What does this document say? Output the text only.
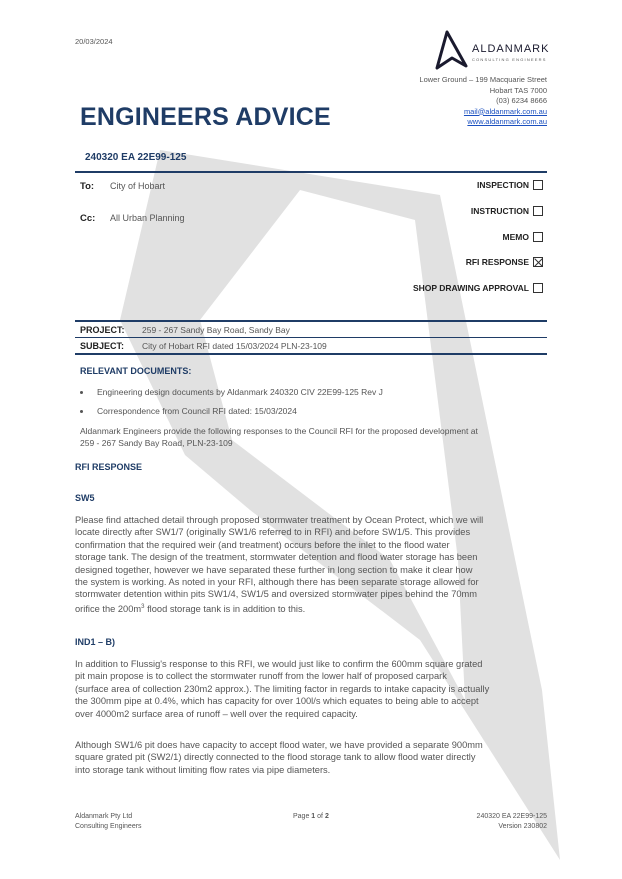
20/03/2024
ALDANMARK
CONSULTING ENGINEERS
Lower Ground – 199 Macquarie Street
Hobart TAS 7000
(03) 6234 8666
mail@aldanmark.com.au
www.aldanmark.com.au
ENGINEERS ADVICE
240320 EA 22E99-125
To: City of Hobart
Cc: All Urban Planning
INSPECTION
INSTRUCTION
MEMO
RFI RESPONSE
SHOP DRAWING APPROVAL
PROJECT:	259 - 267 Sandy Bay Road, Sandy Bay
SUBJECT:	City of Hobart RFI dated 15/03/2024 PLN-23-109
RELEVANT DOCUMENTS:
Engineering design documents by Aldanmark 240320 CIV 22E99-125 Rev J
Correspondence from Council RFI dated: 15/03/2024
Aldanmark Engineers provide the following responses to the Council RFI for the proposed development at
259 - 267 Sandy Bay Road, PLN-23-109
RFI RESPONSE
SW5
Please find attached detail through proposed stormwater treatment by Ocean Protect, which we will
locate directly after SW1/7 (originally SW1/6 referred to in RFI) and before SW1/5. This provides
confirmation that the required weir (and treatment) occurs before the inlet to the flood water
storage tank. The design of the treatment, stormwater detention and flood water storage has been
designed together, however we have separated these further in long section to make it clear how
the system is working. As noted in your RFI, although there has been separate storage allowed for
stormwater detention within pits SW1/4, SW1/5 and oversized stormwater pipes behind the 70mm
orifice the $200m^3$ flood storage tank is in addition to this.
IND1 – B)
In addition to Flussig's response to this RFI, we would just like to confirm the 600mm square grated
pit main propose is to collect the stormwater runoff from the lower half of proposed carpark
(surface area of collection 230m2 approx.). The limiting factor in regards to intake capacity is actually
the 300mm pipe at 0.4%, which has capacity for over 100l/s which equates to being able to accept
over 4000m2 surface area of runoff – well over the required capacity.
Although SW1/6 pit does have capacity to accept flood water, we have provided a separate 900mm
square grated pit (SW2/1) directly connected to the flood storage tank to allow flood water directly
into storage tank without limiting flow rates via pipe diameters.
Aldanmark Pty Ltd
Consulting Engineers
Page 1 of 2	240320 EA 22E99-125
Version 230802
